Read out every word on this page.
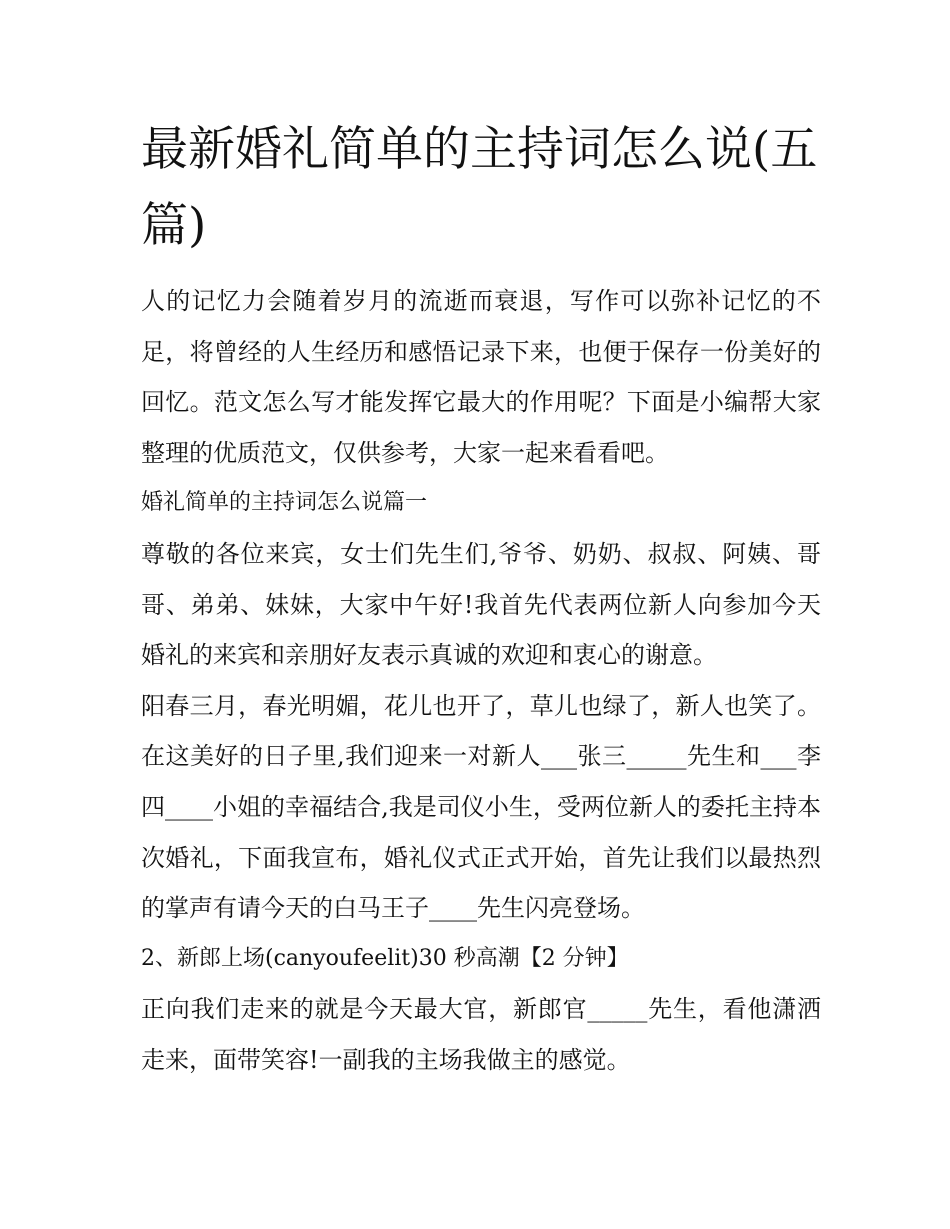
最新婚礼简单的主持词怎么说(五篇)

人的记忆力会随着岁月的流逝而衰退，写作可以弥补记忆的不足，将曾经的人生经历和感悟记录下来，也便于保存一份美好的回忆。范文怎么写才能发挥它最大的作用呢？下面是小编帮大家整理的优质范文，仅供参考，大家一起来看看吧。

婚礼简单的主持词怎么说篇一

尊敬的各位来宾，女士们先生们,爷爷、奶奶、叔叔、阿姨、哥哥、弟弟、妹妹，大家中午好!我首先代表两位新人向参加今天婚礼的来宾和亲朋好友表示真诚的欢迎和衷心的谢意。

阳春三月，春光明媚，花儿也开了，草儿也绿了，新人也笑了。在这美好的日子里,我们迎来一对新人___张三_____先生和___李四____小姐的幸福结合,我是司仪小生，受两位新人的委托主持本次婚礼，下面我宣布，婚礼仪式正式开始，首先让我们以最热烈的掌声有请今天的白马王子____先生闪亮登场。

2、新郎上场(canyoufeelit)30 秒高潮【2 分钟】

正向我们走来的就是今天最大官，新郎官_____先生，看他潇洒走来，面带笑容!一副我的主场我做主的感觉。
